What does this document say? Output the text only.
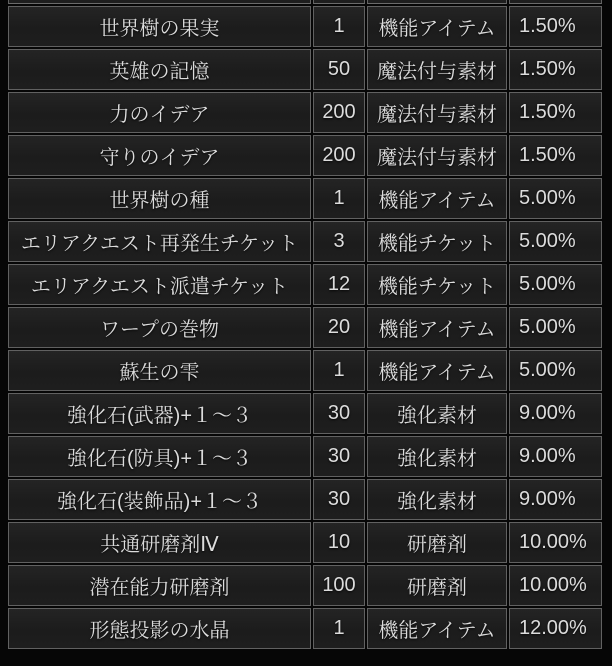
世界樹の果実	1	機能アイテム	1.50%
英雄の記憶	50	魔法付与素材	1.50%
力のイデア	200	魔法付与素材	1.50%
守りのイデア	200	魔法付与素材	1.50%
世界樹の種	1	機能アイテム	5.00%
エリアクエスト再発生チケット	3	機能チケット	5.00%
エリアクエスト派遣チケット	12	機能チケット	5.00%
ワープの巻物	20	機能アイテム	5.00%
蘇生の雫	1	機能アイテム	5.00%
強化石(武器)+１～３	30	強化素材	9.00%
強化石(防具)+１～３	30	強化素材	9.00%
強化石(装飾品)+１～３	30	強化素材	9.00%
共通研磨剤Ⅳ	10	研磨剤	10.00%
潜在能力研磨剤	100	研磨剤	10.00%
形態投影の水晶	1	機能アイテム	12.00%
